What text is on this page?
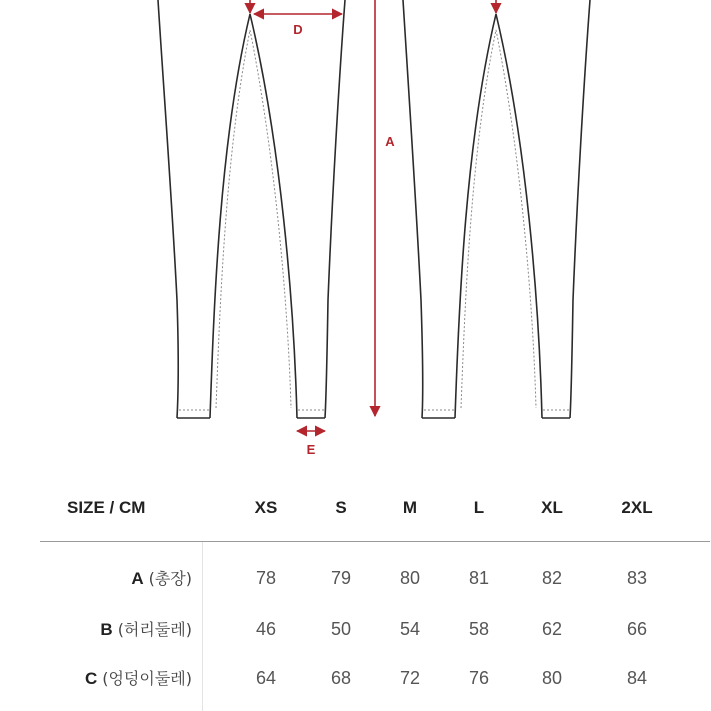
A
D
E
SIZE / CM	XS	S	M	L	XL	2XL
A (총장)	78	79	80	81	82	83
B (허리둘레)	46	50	54	58	62	66
C (엉덩이둘레)	64	68	72	76	80	84
